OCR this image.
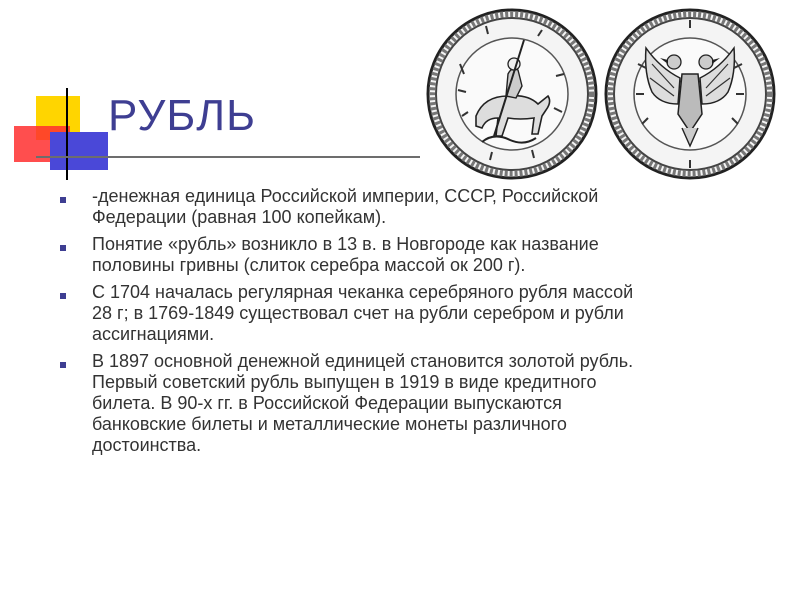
РУБЛЬ
-денежная единица Российской империи, СССР, Российской
Федерации (равная 100 копейкам).
Понятие «рубль» возникло в 13 в. в Новгороде как название
половины гривны (слиток серебра массой ок 200 г).
С 1704 началась регулярная чеканка серебряного рубля массой
28 г; в 1769-1849 существовал счет на рубли серебром и рубли
ассигнациями.
В 1897 основной денежной единицей становится золотой рубль.
Первый советский рубль выпущен в 1919 в виде кредитного
билета. В 90-х гг. в Российской Федерации выпускаются
банковские билеты и металлические монеты различного
достоинства.
